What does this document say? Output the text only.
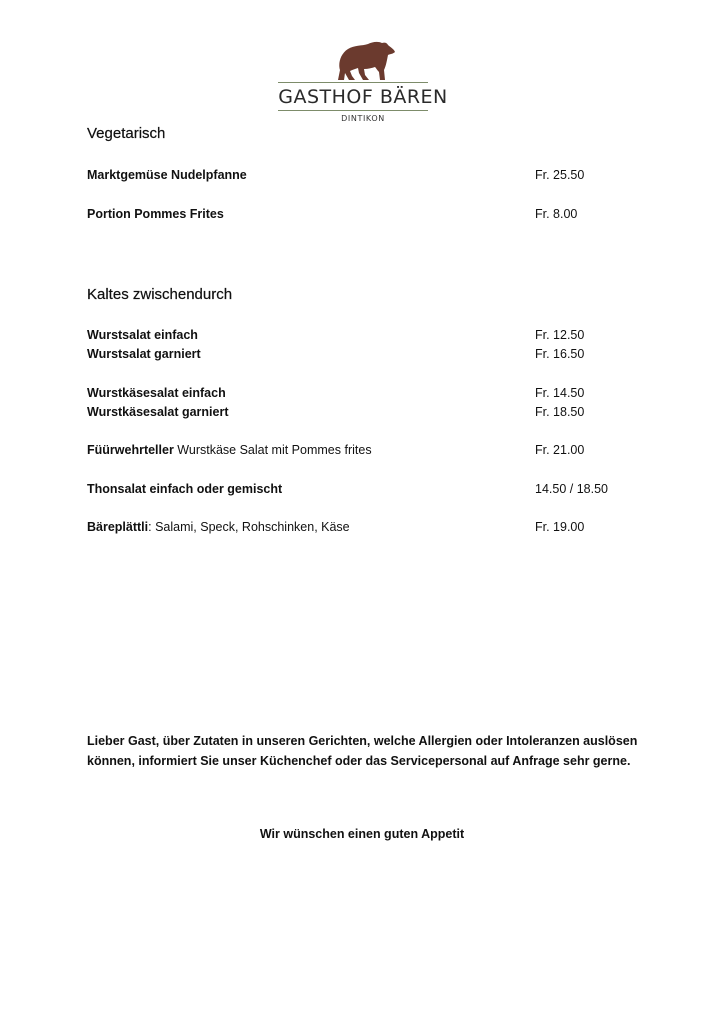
GASTHOF BÄREN
DINTIKON
Vegetarisch
Marktgemüse Nudelpfanne	Fr. 25.50
Portion Pommes Frites	Fr. 8.00
Kaltes zwischendurch
Wurstsalat einfach	Fr. 12.50
Wurstsalat garniert	Fr. 16.50
Wurstkäsesalat einfach	Fr. 14.50
Wurstkäsesalat garniert	Fr. 18.50
Füürwehrteller Wurstkäse Salat mit Pommes frites	Fr. 21.00
Thonsalat einfach oder gemischt	14.50 / 18.50
Bäreplättli: Salami, Speck, Rohschinken, Käse	Fr. 19.00

Lieber Gast, über Zutaten in unseren Gerichten, welche Allergien oder Intoleranzen auslösen können, informiert Sie unser Küchenchef oder das Servicepersonal auf Anfrage sehr gerne.

Wir wünschen einen guten Appetit
